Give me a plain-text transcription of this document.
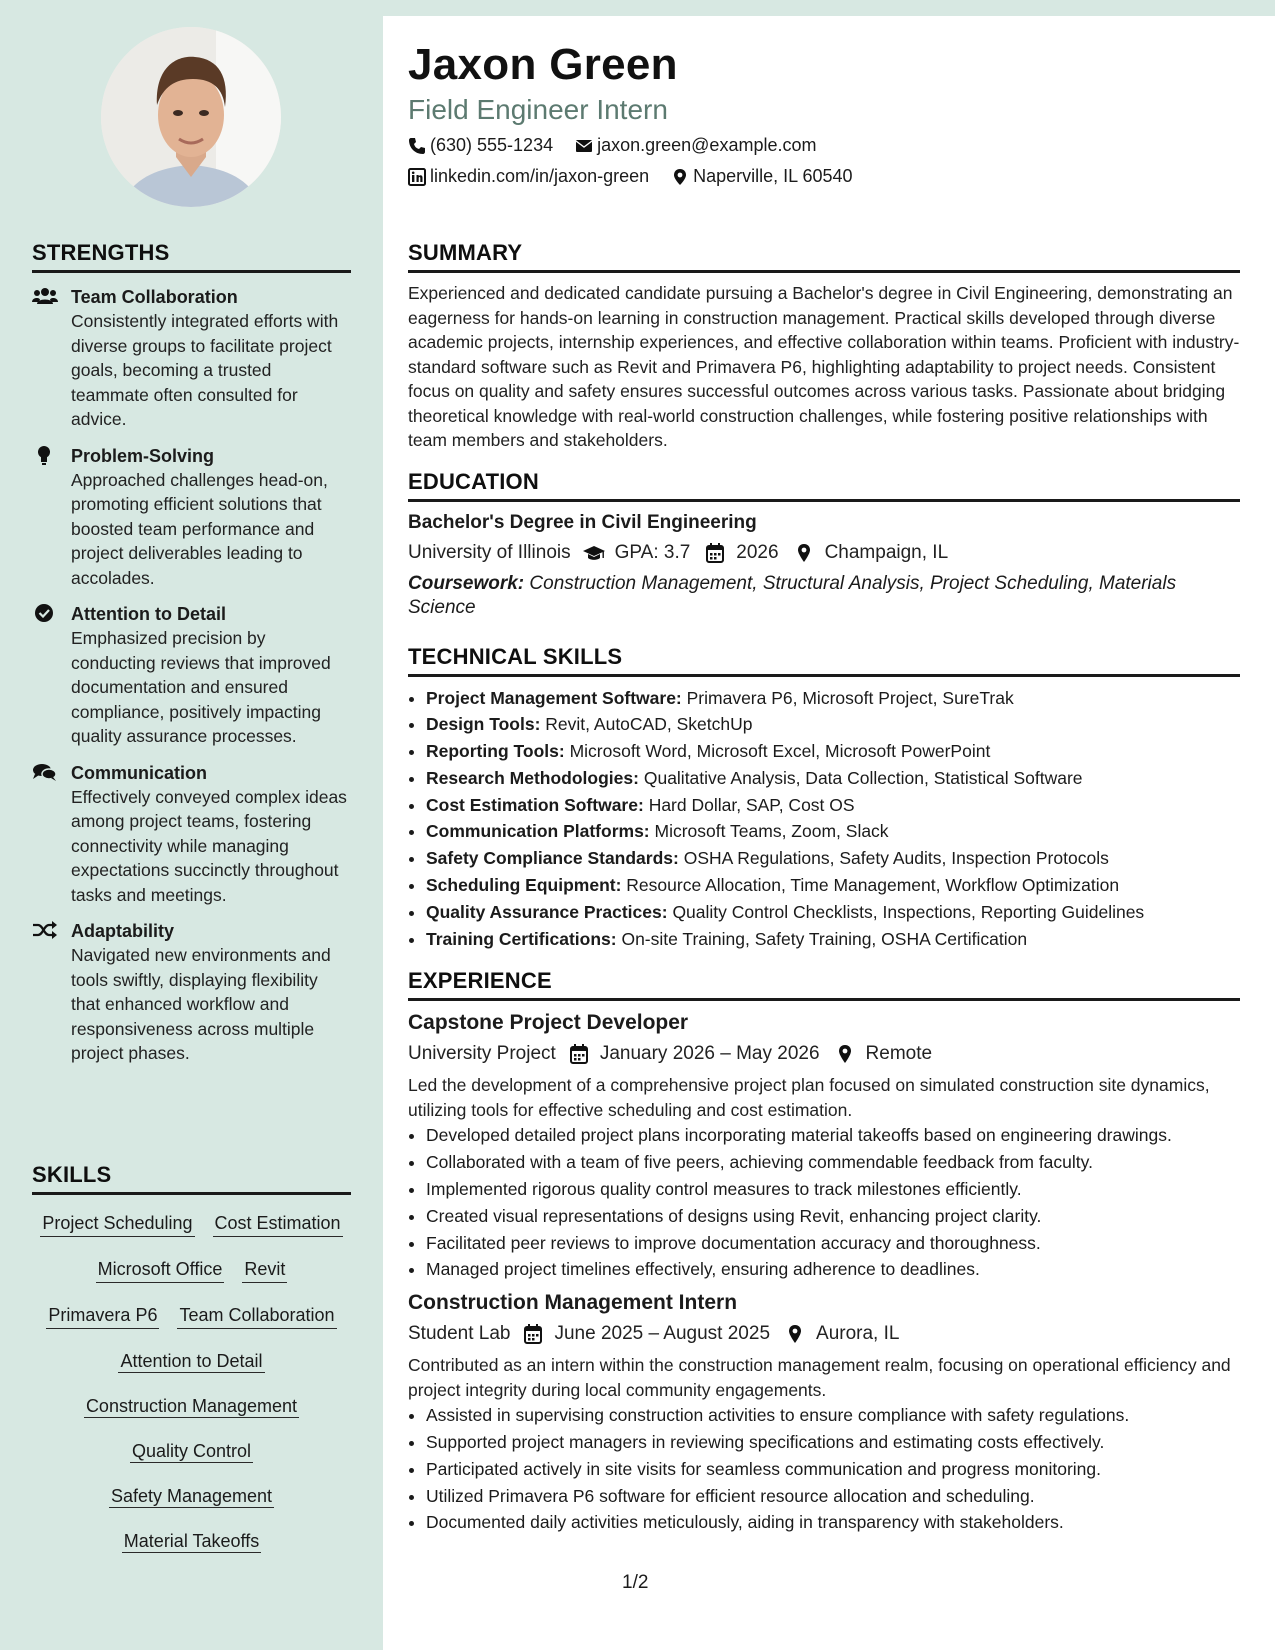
STRENGTHS
Team Collaboration
Consistently integrated efforts with diverse groups to facilitate project goals, becoming a trusted teammate often consulted for advice.
Problem-Solving
Approached challenges head-on, promoting efficient solutions that boosted team performance and project deliverables leading to accolades.
Attention to Detail
Emphasized precision by conducting reviews that improved documentation and ensured compliance, positively impacting quality assurance processes.
Communication
Effectively conveyed complex ideas among project teams, fostering connectivity while managing expectations succinctly throughout tasks and meetings.
Adaptability
Navigated new environments and tools swiftly, displaying flexibility that enhanced workflow and responsiveness across multiple project phases.
SKILLS
Project Scheduling Cost Estimation
Microsoft Office Revit
Primavera P6 Team Collaboration
Attention to Detail
Construction Management
Quality Control
Safety Management
Material Takeoffs
Jaxon Green
Field Engineer Intern
(630) 555-1234 jaxon.green@example.com
linkedin.com/in/jaxon-green Naperville, IL 60540
SUMMARY

Experienced and dedicated candidate pursuing a Bachelor's degree in Civil Engineering, demonstrating an eagerness for hands-on learning in construction management. Practical skills developed through diverse academic projects, internship experiences, and effective collaboration within teams. Proficient with industry-standard software such as Revit and Primavera P6, highlighting adaptability to project needs. Consistent focus on quality and safety ensures successful outcomes across various tasks. Passionate about bridging theoretical knowledge with real-world construction challenges, while fostering positive relationships with team members and stakeholders.

EDUCATION
Bachelor's Degree in Civil Engineering
University of Illinois GPA: 3.7 2026 Champaign, IL
Coursework: Construction Management, Structural Analysis, Project Scheduling, Materials Science
TECHNICAL SKILLS
• Project Management Software: Primavera P6, Microsoft Project, SureTrak
• Design Tools: Revit, AutoCAD, SketchUp
• Reporting Tools: Microsoft Word, Microsoft Excel, Microsoft PowerPoint
• Research Methodologies: Qualitative Analysis, Data Collection, Statistical Software
• Cost Estimation Software: Hard Dollar, SAP, Cost OS
• Communication Platforms: Microsoft Teams, Zoom, Slack
• Safety Compliance Standards: OSHA Regulations, Safety Audits, Inspection Protocols
• Scheduling Equipment: Resource Allocation, Time Management, Workflow Optimization
• Quality Assurance Practices: Quality Control Checklists, Inspections, Reporting Guidelines
• Training Certifications: On-site Training, Safety Training, OSHA Certification
EXPERIENCE
Capstone Project Developer
University Project January 2026 – May 2026 Remote

Led the development of a comprehensive project plan focused on simulated construction site dynamics, utilizing tools for effective scheduling and cost estimation.

• Developed detailed project plans incorporating material takeoffs based on engineering drawings.
• Collaborated with a team of five peers, achieving commendable feedback from faculty.
• Implemented rigorous quality control measures to track milestones efficiently.
• Created visual representations of designs using Revit, enhancing project clarity.
• Facilitated peer reviews to improve documentation accuracy and thoroughness.
• Managed project timelines effectively, ensuring adherence to deadlines.
Construction Management Intern
Student Lab June 2025 – August 2025 Aurora, IL

Contributed as an intern within the construction management realm, focusing on operational efficiency and project integrity during local community engagements.

• Assisted in supervising construction activities to ensure compliance with safety regulations.
• Supported project managers in reviewing specifications and estimating costs effectively.
• Participated actively in site visits for seamless communication and progress monitoring.
• Utilized Primavera P6 software for efficient resource allocation and scheduling.
• Documented daily activities meticulously, aiding in transparency with stakeholders.
1/2
